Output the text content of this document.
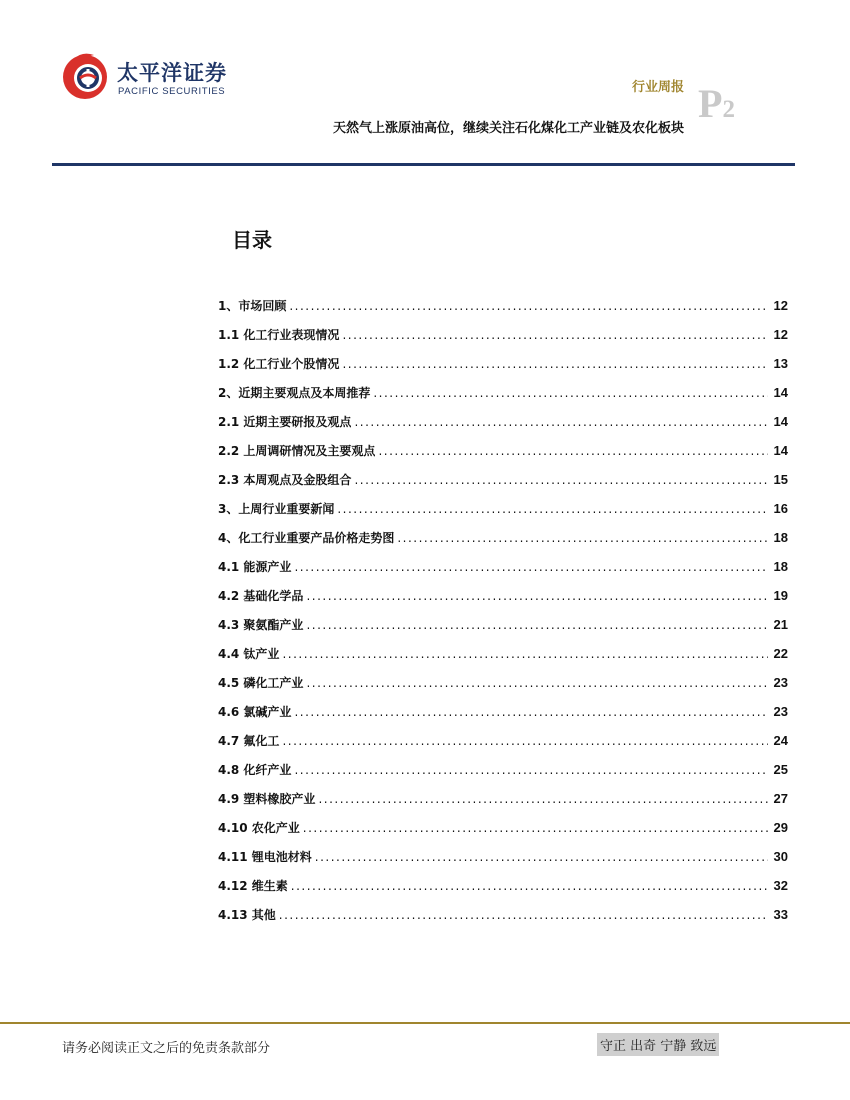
太平洋证券
PACIFIC SECURITIES	行业周报 P2
天然气上涨原油高位，继续关注石化煤化工产业链及农化板块
目录
1、市场回顾 .....	12
1.1 化工行业表现情况 .....	12
1.2 化工行业个股情况 .....	13
2、近期主要观点及本周推荐 .....	14
2.1 近期主要研报及观点 .....	14
2.2 上周调研情况及主要观点 .....	14
2.3 本周观点及金股组合 .....	15
3、上周行业重要新闻 .....	16
4、化工行业重要产品价格走势图 .....	18
4.1 能源产业 .....	18
4.2 基础化学品 .....	19
4.3 聚氨酯产业 .....	21
4.4 钛产业 .....	22
4.5 磷化工产业 .....	23
4.6 氯碱产业 .....	23
4.7 氟化工 .....	24
4.8 化纤产业 .....	25
4.9 塑料橡胶产业 .....	27
4.10 农化产业 .....	29
4.11 锂电池材料 .....	30
4.12 维生素 .....	32
4.13 其他 .....	33
请务必阅读正文之后的免责条款部分	守正 出奇 宁静 致远
